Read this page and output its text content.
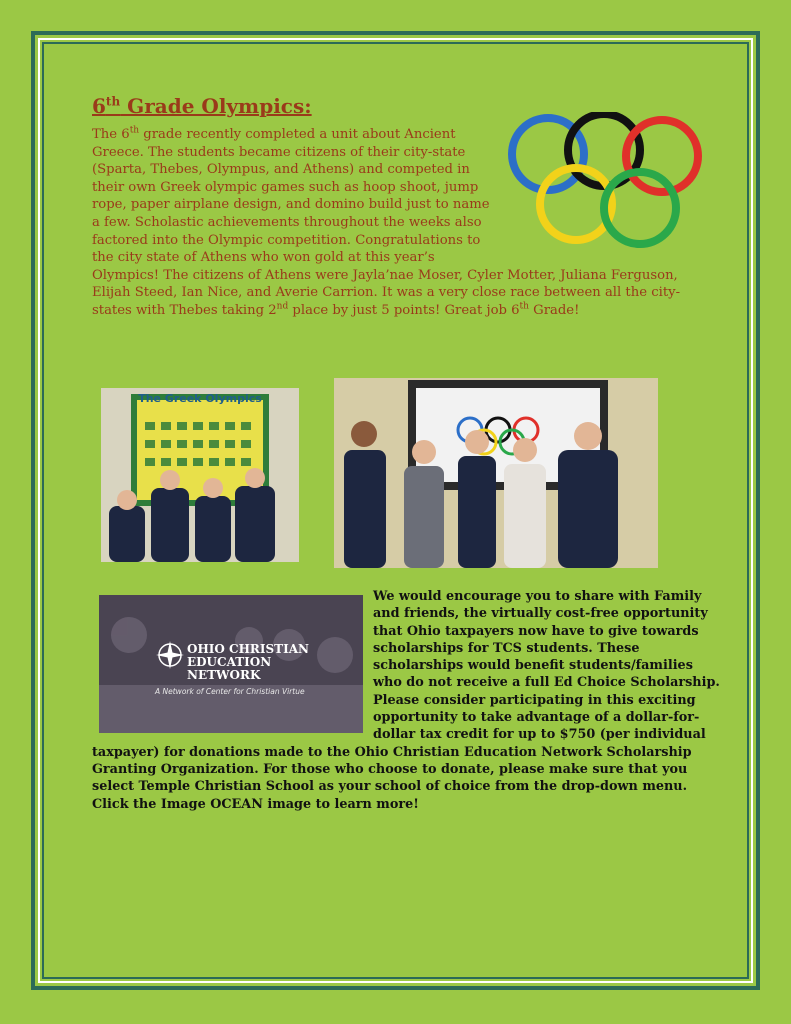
6th Grade Olympics:

The 6th grade recently completed a unit about Ancient Greece. The students became citizens of their city-state (Sparta, Thebes, Olympus, and Athens) and competed in their own Greek olympic games such as hoop shoot, jump rope, paper airplane design, and domino build just to name a few. Scholastic achievements throughout the weeks also factored into the Olympic competition. Congratulations to the city state of Athens who won gold at this year’s Olympics! The citizens of Athens were Jayla’nae Moser, Cyler Motter, Juliana Ferguson, Elijah Steed, Ian Nice, and Averie Carrion. It was a very close race between all the city-states with Thebes taking 2nd place by just 5 points! Great job 6th Grade!

The Greek Olympics
OHIO CHRISTIAN
EDUCATION
NETWORK
A Network of Center for Christian Virtue

We would encourage you to share with Family and friends, the virtually cost-free opportunity that Ohio taxpayers now have to give towards scholarships for TCS students. These scholarships would benefit students/families who do not receive a full Ed Choice Scholarship. Please consider participating in this exciting opportunity to take advantage of a dollar-for-dollar tax credit for up to $750 (per individual taxpayer) for donations made to the Ohio Christian Education Network Scholarship Granting Organization. For those who choose to donate, please make sure that you select Temple Christian School as your school of choice from the drop-down menu. Click the Image OCEAN image to learn more!
